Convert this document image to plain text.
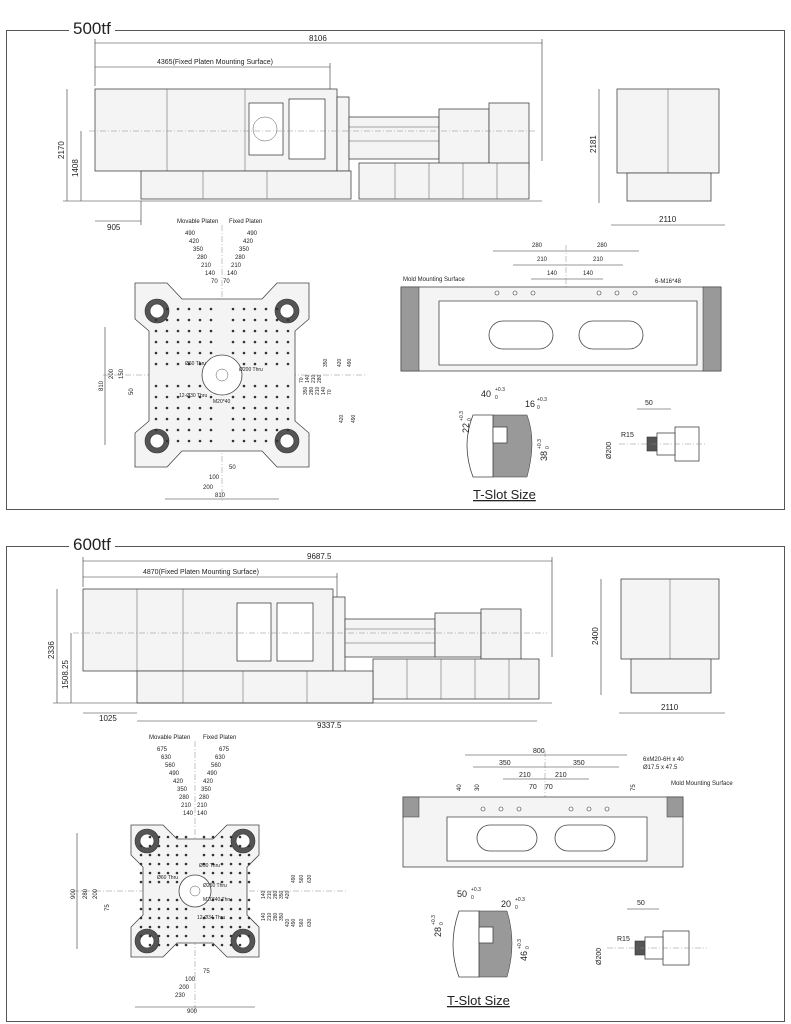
500tf
8106
4365(Fixed Platen Mounting Surface)
2170
1408
905
2181
2110
Movable Platen Fixed Platen
490
420
350
280
210
140
70
490
420
350
280
210
140
70
350 280 210 140 70
70 140 210 280
350 420 490
420 490
810
200 150
50
Ø60 Thru
Ø200 Thru
12-Ø30 Thru
M20*40
50
100
200
810
280	280
210	210
140	140
Mold Mounting Surface	6-M16*48
40 +0.3
0
16 +0.3
0
22
+0.3 0
38
+0.3 0
T-Slot Size
50
R15
Ø200
600tf
9687.5
4870(Fixed Platen Mounting Surface)
2336
1508.25
1025
9337.5
2400
2110
Movable Platen Fixed Platen
675
630
560
490
420
350
280
210
140
675
630
560
490
420
350
280
210
140
140 210 280 350 420
490 560 630
140 210 280 350
420 490 560 630
900 280 200
75
Ø50 Thru
Ø250 Thru
Ø60 Thru
M20*40 Thru
12-Ø34 Thru
75
100
200
230
900
800
350	350
210	210
70 70
40 30	75
6xM20-6H x 40
Ø17.5 x 47.5
Mold Mounting Surface
50 +0.3
0
20 +0.3
0
28
+0.3 0
46
+0.3 0
T-Slot Size
50
R15
Ø200
